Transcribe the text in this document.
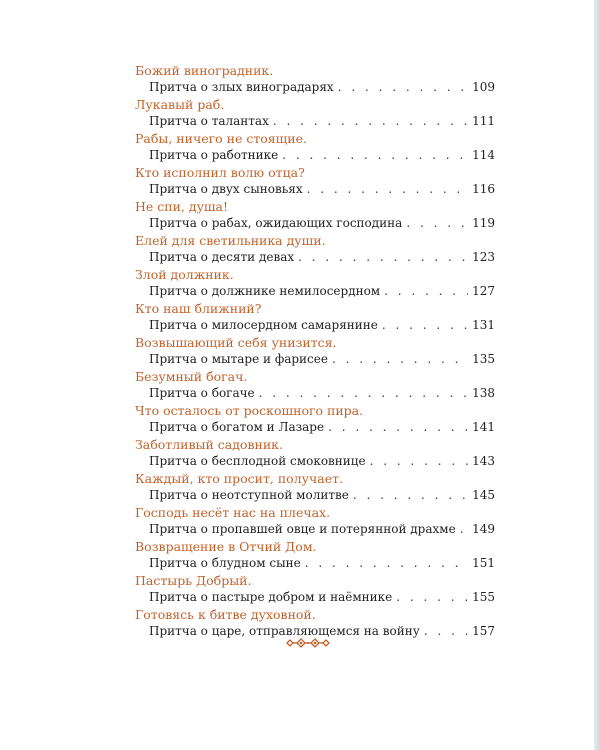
Божий виноградник.
Притча о злых виноградарях . . .	109
Лукавый раб.
Притча о талантах . . .	111
Рабы, ничего не стоящие.
Притча о работнике . . .	114
Кто исполнил волю отца?
Притча о двух сыновьях . . .	116
Не спи, душа!
Притча о рабах, ожидающих господина . . .	119
Елей для светильника души.
Притча о десяти девах . . .	123
Злой должник.
Притча о должнике немилосердном . . .	127
Кто наш ближний?
Притча о милосердном самарянине . . .	131
Возвышающий себя унизится.
Притча о мытаре и фарисее . . .	135
Безумный богач.
Притча о богаче . . .	138
Что осталось от роскошного пира.
Притча о богатом и Лазаре . . .	141
Заботливый садовник.
Притча о бесплодной смоковнице . . .	143
Каждый, кто просит, получает.
Притча о неотступной молитве . . .	145
Господь несёт нас на плечах.
Притча о пропавшей овце и потерянной драхме . . . 149
Возвращение в Отчий Дом.
Притча о блудном сыне . . .	151
Пастырь Добрый.
Притча о пастыре добром и наёмнике . . .	155
Готовясь к битве духовной.
Притча о царе, отправляющемся на войну . . .	157
